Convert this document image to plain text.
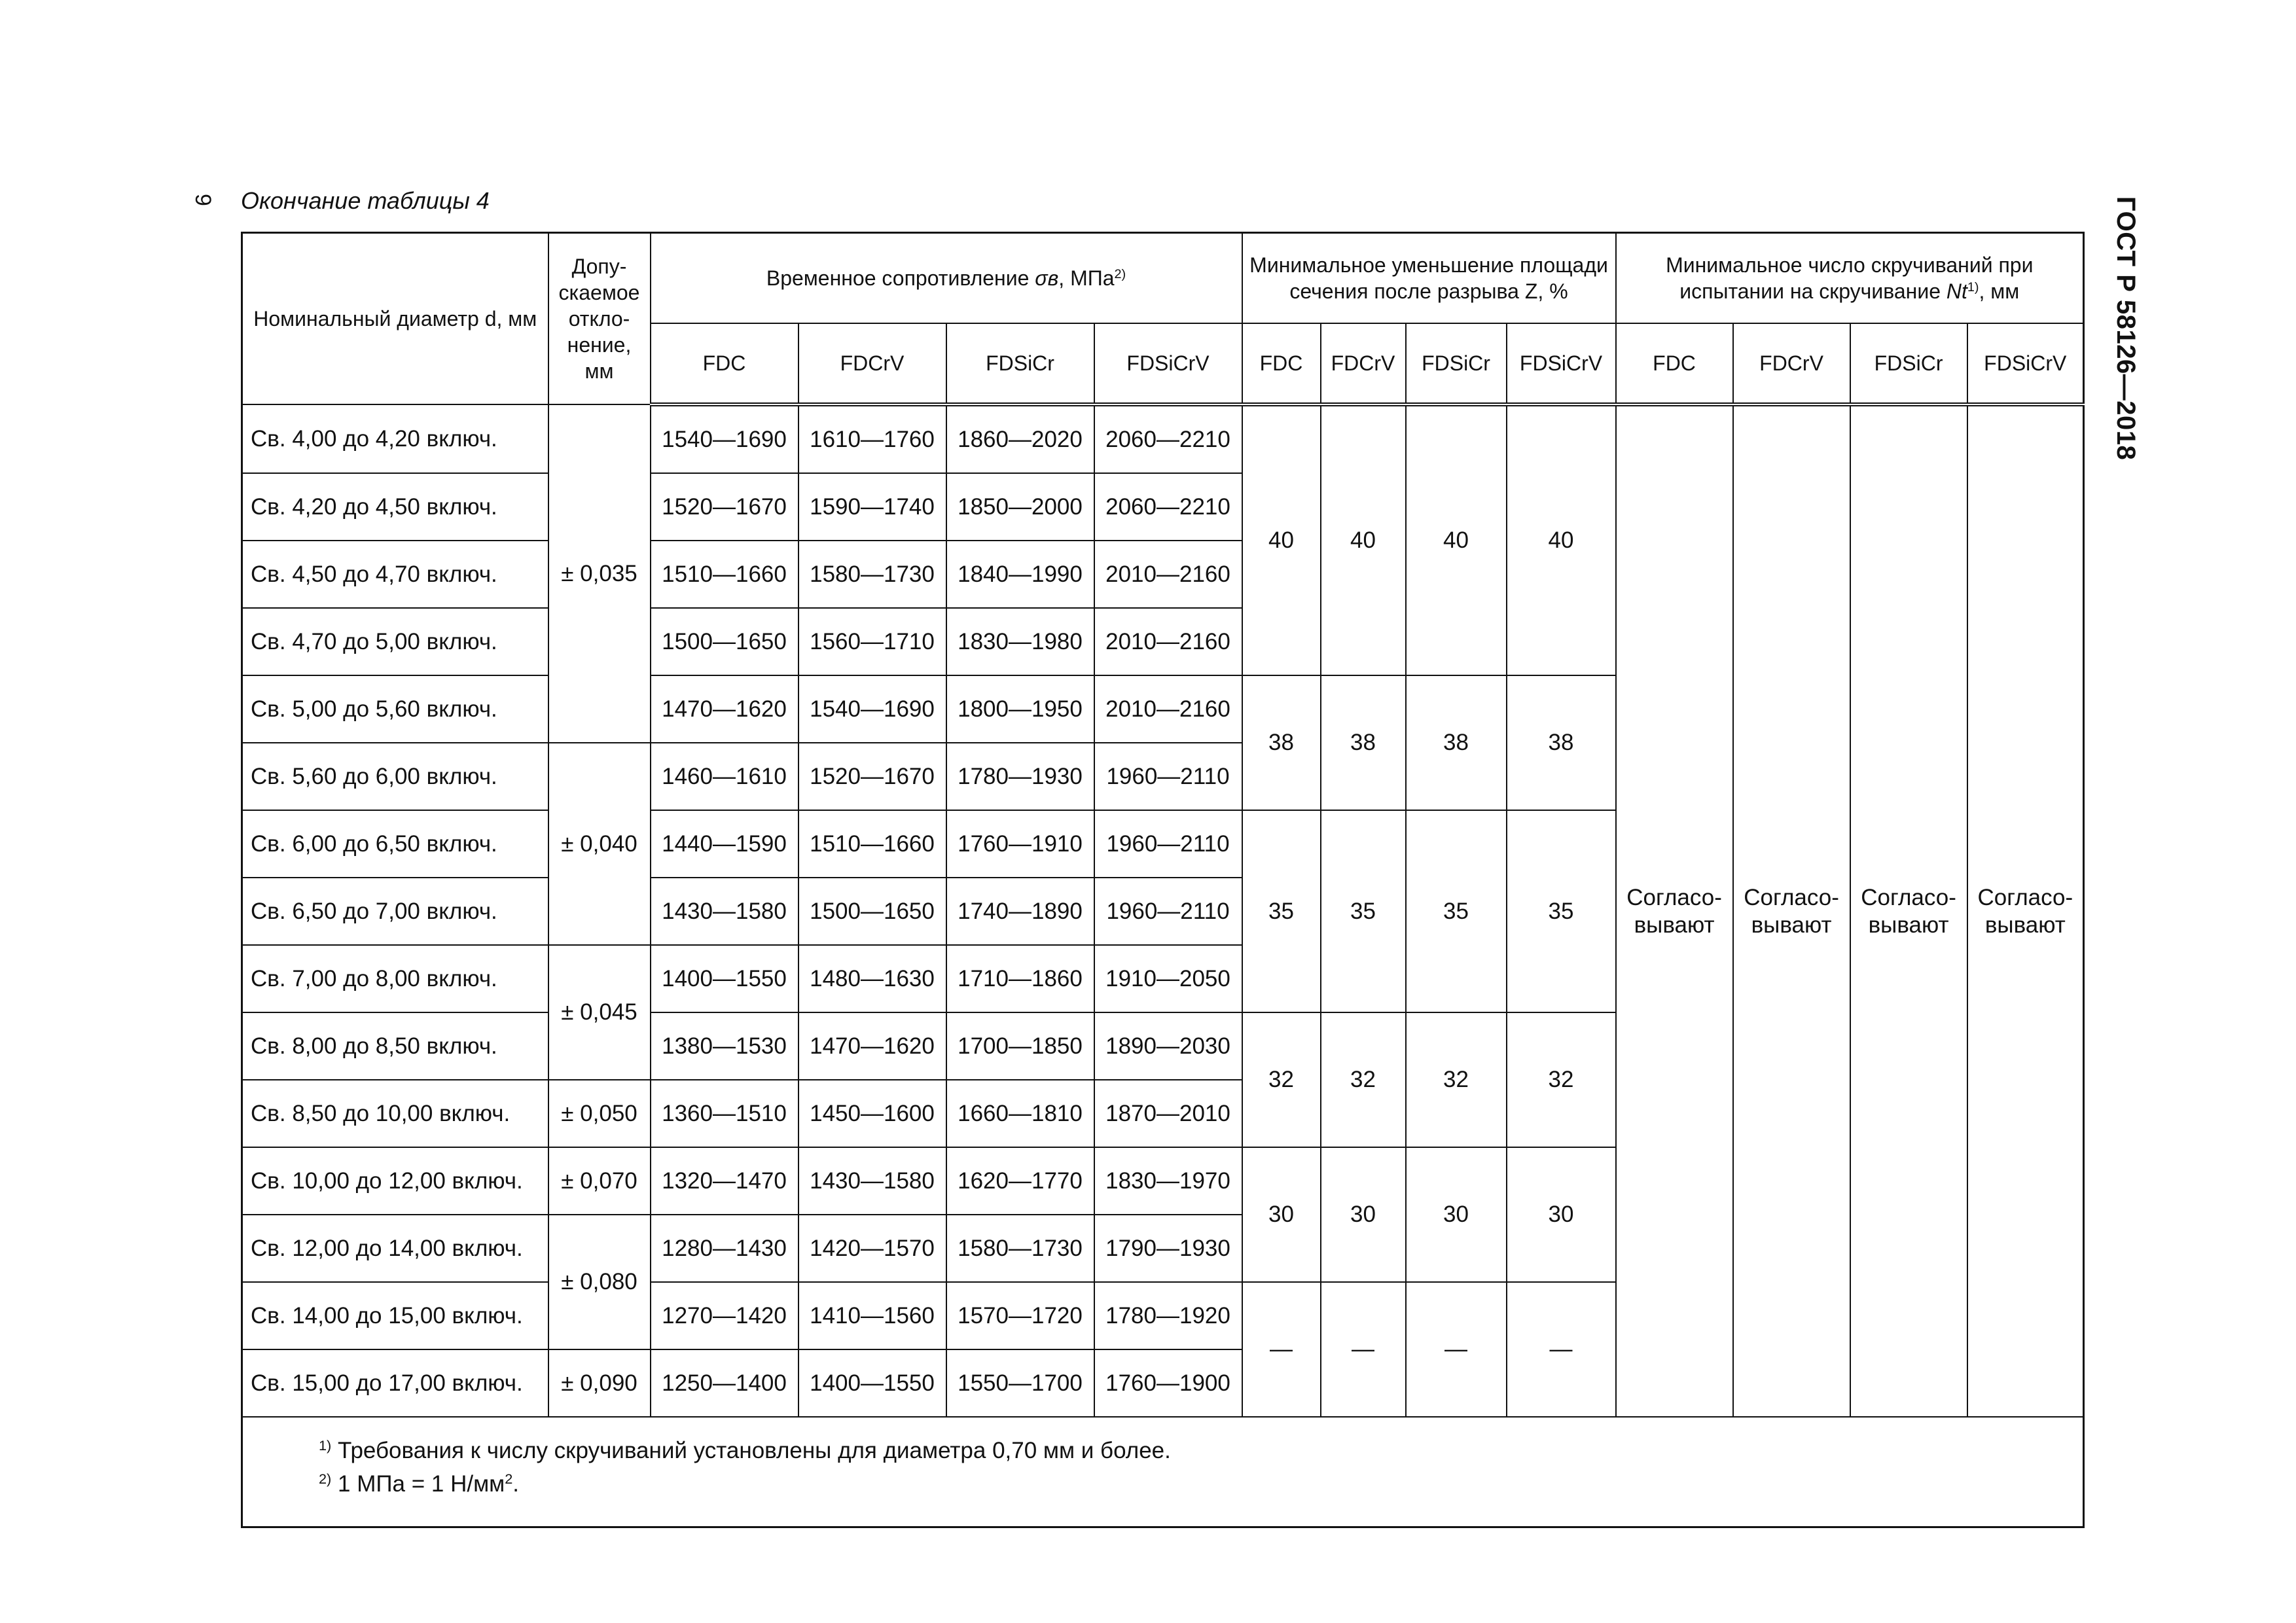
9 Окончание таблицы 4	ГОСТ Р 58126—2018
Номинальный диаметр d, мм	Допу-скаемое откло-нение, мм	Временное сопротивление σв, МПа$^{2)}$				Минимальное уменьшение площади сечения после разрыва Z, %				Минимальное число скручиваний при испытании на скручивание Nt$^{1)}$, мм			
		FDC	FDCrV	FDSiCr	FDSiCrV	FDC	FDCrV	FDSiCr	FDSiCrV	FDC	FDCrV	FDSiCr	FDSiCrV
Св. 4,00 до 4,20 включ.	± 0,035	1540—1690	1610—1760	1860—2020	2060—2210	40	40	40	40	Согласо-вывают	Согласо-вывают	Согласо-вывают	Согласо-вывают
Св. 4,20 до 4,50 включ.		1520—1670	1590—1740	1850—2000	2060—2210								
Св. 4,50 до 4,70 включ.		1510—1660	1580—1730	1840—1990	2010—2160								
Св. 4,70 до 5,00 включ.		1500—1650	1560—1710	1830—1980	2010—2160								
Св. 5,00 до 5,60 включ.		1470—1620	1540—1690	1800—1950	2010—2160	38	38	38	38				
Св. 5,60 до 6,00 включ.	± 0,040	1460—1610	1520—1670	1780—1930	1960—2110								
Св. 6,00 до 6,50 включ.		1440—1590	1510—1660	1760—1910	1960—2110	35	35	35	35				
Св. 6,50 до 7,00 включ.		1430—1580	1500—1650	1740—1890	1960—2110								
Св. 7,00 до 8,00 включ.	± 0,045	1400—1550	1480—1630	1710—1860	1910—2050								
Св. 8,00 до 8,50 включ.		1380—1530	1470—1620	1700—1850	1890—2030	32	32	32	32				
Св. 8,50 до 10,00 включ.	± 0,050	1360—1510	1450—1600	1660—1810	1870—2010								
Св. 10,00 до 12,00 включ.	± 0,070	1320—1470	1430—1580	1620—1770	1830—1970	30	30	30	30				
Св. 12,00 до 14,00 включ.	± 0,080	1280—1430	1420—1570	1580—1730	1790—1930								
Св. 14,00 до 15,00 включ.		1270—1420	1410—1560	1570—1720	1780—1920	—	—	—	—				
Св. 15,00 до 17,00 включ.	± 0,090	1250—1400	1400—1550	1550—1700	1760—1900								

$^{1)}$ Требования к числу скручиваний установлены для диаметра 0,70 мм и более.
$^{2)}$ 1 МПа = 1 $Н/мм^2$.													
